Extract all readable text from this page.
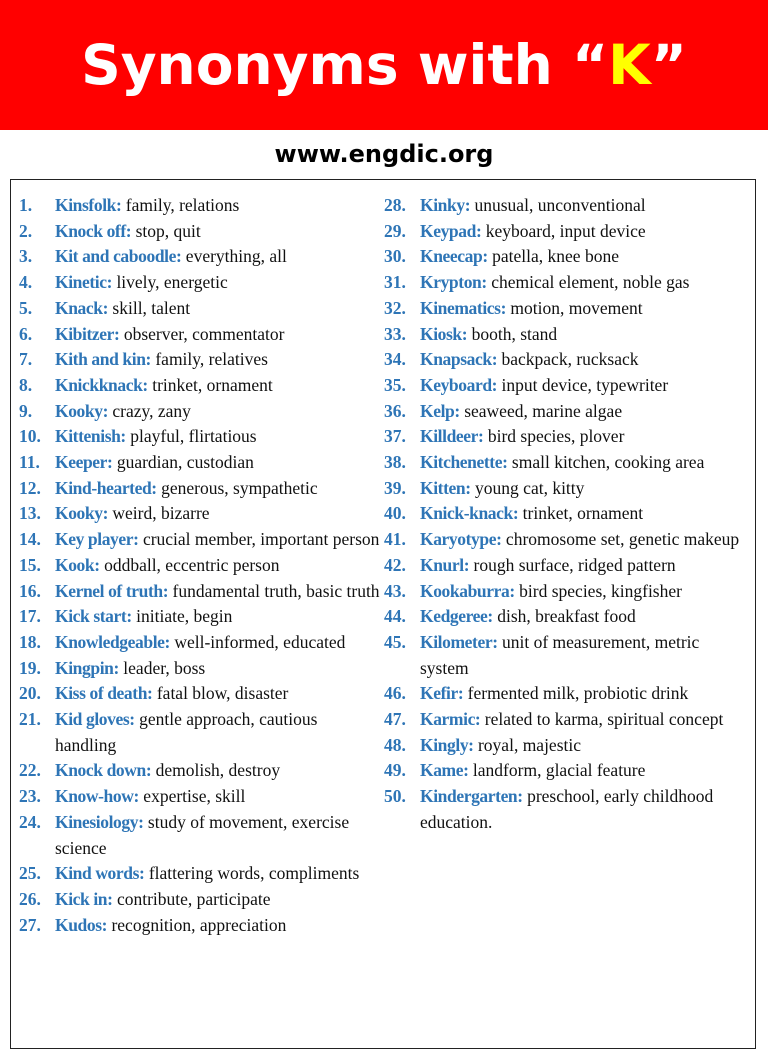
Synonyms with “K”
www.engdic.org
1.	Kinsfolk: family, relations
2.	Knock off: stop, quit
3.	Kit and caboodle: everything, all
4.	Kinetic: lively, energetic
5.	Knack: skill, talent
6.	Kibitzer: observer, commentator
7.	Kith and kin: family, relatives
8.	Knickknack: trinket, ornament
9.	Kooky: crazy, zany
10. Kittenish: playful, flirtatious
11. Keeper: guardian, custodian
12. Kind-hearted: generous, sympathetic
13. Kooky: weird, bizarre
14. Key player: crucial member, important person
15. Kook: oddball, eccentric person
16. Kernel of truth: fundamental truth, basic truth
17. Kick start: initiate, begin
18. Knowledgeable: well-informed, educated
19. Kingpin: leader, boss
20. Kiss of death: fatal blow, disaster
21. Kid gloves: gentle approach, cautious handling
22. Knock down: demolish, destroy
23. Know-how: expertise, skill
24. Kinesiology: study of movement, exercise science
25. Kind words: flattering words, compliments
26. Kick in: contribute, participate
27. Kudos: recognition, appreciation
28. Kinky: unusual, unconventional
29. Keypad: keyboard, input device
30. Kneecap: patella, knee bone
31. Krypton: chemical element, noble gas
32. Kinematics: motion, movement
33. Kiosk: booth, stand
34. Knapsack: backpack, rucksack
35. Keyboard: input device, typewriter
36. Kelp: seaweed, marine algae
37. Killdeer: bird species, plover
38. Kitchenette: small kitchen, cooking area
39. Kitten: young cat, kitty
40. Knick-knack: trinket, ornament
41. Karyotype: chromosome set, genetic makeup
42. Knurl: rough surface, ridged pattern
43. Kookaburra: bird species, kingfisher
44. Kedgeree: dish, breakfast food
45. Kilometer: unit of measurement, metric system
46. Kefir: fermented milk, probiotic drink
47. Karmic: related to karma, spiritual concept
48. Kingly: royal, majestic
49. Kame: landform, glacial feature
50. Kindergarten: preschool, early childhood education.
